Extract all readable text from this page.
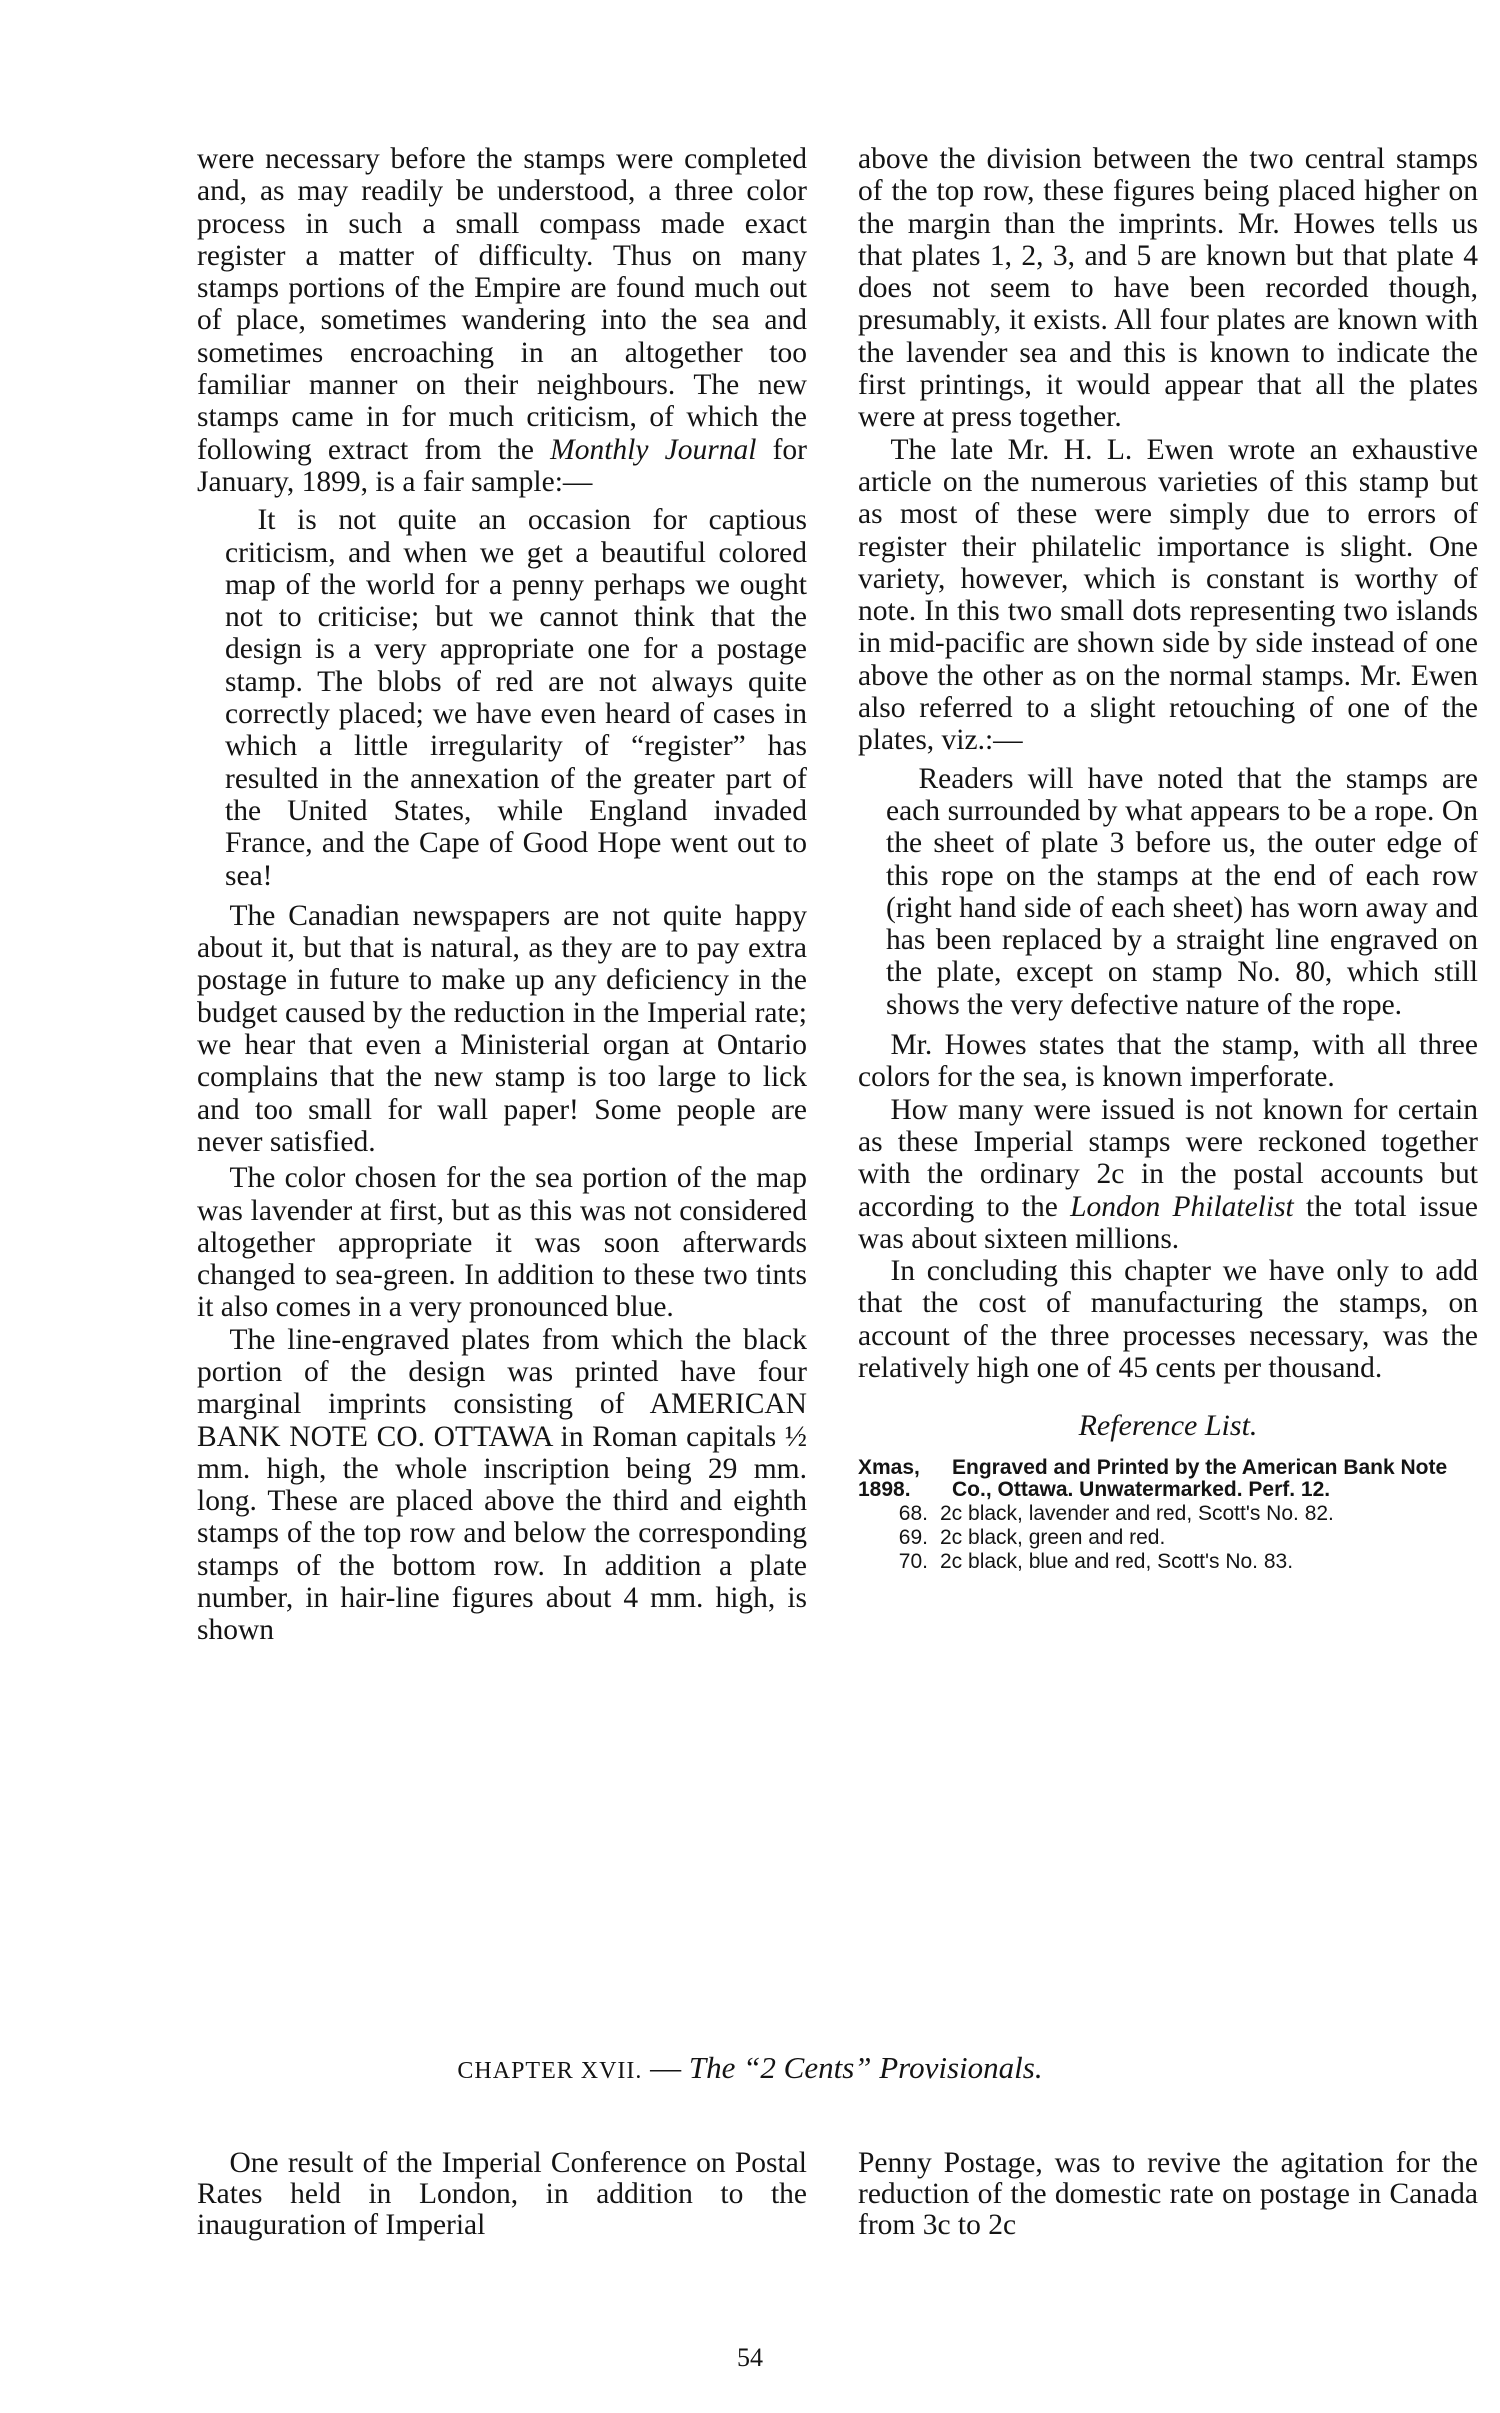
were necessary before the stamps were completed and, as may readily be understood, a three color process in such a small compass made exact register a matter of difficulty. Thus on many stamps portions of the Empire are found much out of place, sometimes wandering into the sea and sometimes encroaching in an altogether too familiar manner on their neighbours. The new stamps came in for much criticism, of which the following extract from the Monthly Journal for January, 1899, is a fair sample:—

It is not quite an occasion for captious criticism, and when we get a beautiful colored map of the world for a penny perhaps we ought not to criticise; but we cannot think that the design is a very appropriate one for a postage stamp. The blobs of red are not always quite correctly placed; we have even heard of cases in which a little irregularity of “register” has resulted in the annexation of the greater part of the United States, while England invaded France, and the Cape of Good Hope went out to sea!

The Canadian newspapers are not quite happy about it, but that is natural, as they are to pay extra postage in future to make up any deficiency in the budget caused by the reduction in the Imperial rate; we hear that even a Ministerial organ at Ontario complains that the new stamp is too large to lick and too small for wall paper! Some people are never satisfied.

The color chosen for the sea portion of the map was lavender at first, but as this was not considered altogether appropriate it was soon afterwards changed to sea-green. In addition to these two tints it also comes in a very pronounced blue.

The line-engraved plates from which the black portion of the design was printed have four marginal imprints consisting of AMERICAN BANK NOTE CO. OTTAWA in Roman capitals ½ mm. high, the whole inscription being 29 mm. long. These are placed above the third and eighth stamps of the top row and below the corresponding stamps of the bottom row. In addition a plate number, in hair-line figures about 4 mm. high, is shown

above the division between the two central stamps of the top row, these figures being placed higher on the margin than the imprints. Mr. Howes tells us that plates 1, 2, 3, and 5 are known but that plate 4 does not seem to have been recorded though, presumably, it exists. All four plates are known with the lavender sea and this is known to indicate the first printings, it would appear that all the plates were at press together.

The late Mr. H. L. Ewen wrote an exhaustive article on the numerous varieties of this stamp but as most of these were simply due to errors of register their philatelic importance is slight. One variety, however, which is constant is worthy of note. In this two small dots representing two islands in mid-pacific are shown side by side instead of one above the other as on the normal stamps. Mr. Ewen also referred to a slight retouching of one of the plates, viz.:—

Readers will have noted that the stamps are each surrounded by what appears to be a rope. On the sheet of plate 3 before us, the outer edge of this rope on the stamps at the end of each row (right hand side of each sheet) has worn away and has been replaced by a straight line engraved on the plate, except on stamp No. 80, which still shows the very defective nature of the rope.

Mr. Howes states that the stamp, with all three colors for the sea, is known imperforate.

How many were issued is not known for certain as these Imperial stamps were reckoned together with the ordinary 2c in the postal accounts but according to the London Philatelist the total issue was about sixteen millions.

In concluding this chapter we have only to add that the cost of manufacturing the stamps, on account of the three processes necessary, was the relatively high one of 45 cents per thousand.

Reference List.
Xmas, 1898.
Engraved and Printed by the American Bank Note Co., Ottawa. Unwatermarked. Perf. 12.
68. 2c black, lavender and red, Scott's No. 82.
69. 2c black, green and red.
70. 2c black, blue and red, Scott's No. 83.
CHAPTER XVII. — The “2 Cents” Provisionals.

One result of the Imperial Conference on Postal Rates held in London, in addition to the inauguration of Imperial

Penny Postage, was to revive the agitation for the reduction of the domestic rate on postage in Canada from 3c to 2c

54
